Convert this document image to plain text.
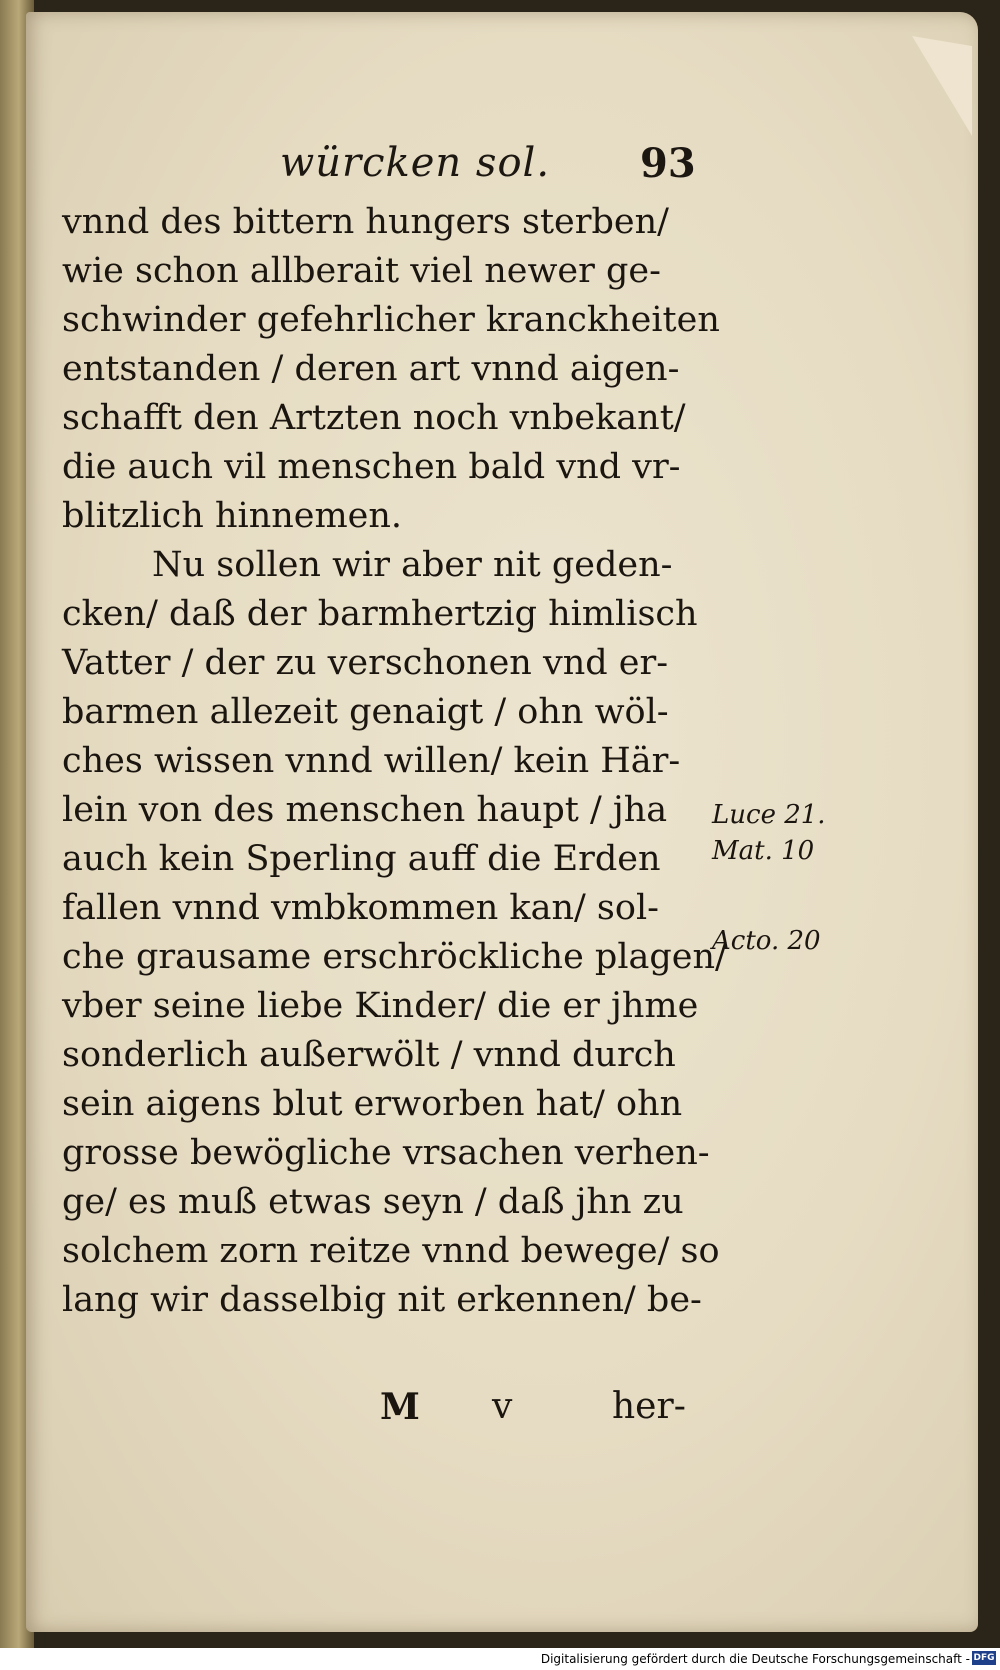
würcken sol. 93
vnnd des bittern hungers sterben/
wie schon allberait viel newer ge-
schwinder gefehrlicher kranckheiten
entstanden / deren art vnnd aigen-
schafft den Artzten noch vnbekant/
die auch vil menschen bald vnd vr-
blitzlich hinnemen.
Nu sollen wir aber nit geden-
cken/ daß der barmhertzig himlisch
Vatter / der zu verschonen vnd er-
barmen allezeit genaigt / ohn wöl-
ches wissen vnnd willen/ kein Här-
lein von des menschen haupt / jha
auch kein Sperling auff die Erden
fallen vnnd vmbkommen kan/ sol-
che grausame erschröckliche plagen/
vber seine liebe Kinder/ die er jhme
sonderlich außerwölt / vnnd durch
sein aigens blut erworben hat/ ohn
grosse bewögliche vrsachen verhen-
ge/ es muß etwas seyn / daß jhn zu
solchem zorn reitze vnnd bewege/ so
lang wir dasselbig nit erkennen/ be-
Luce 21.
Mat. 10
Acto. 20
M v	her-
Digitalisierung gefördert durch die Deutsche Forschungsgemeinschaft - DFG
